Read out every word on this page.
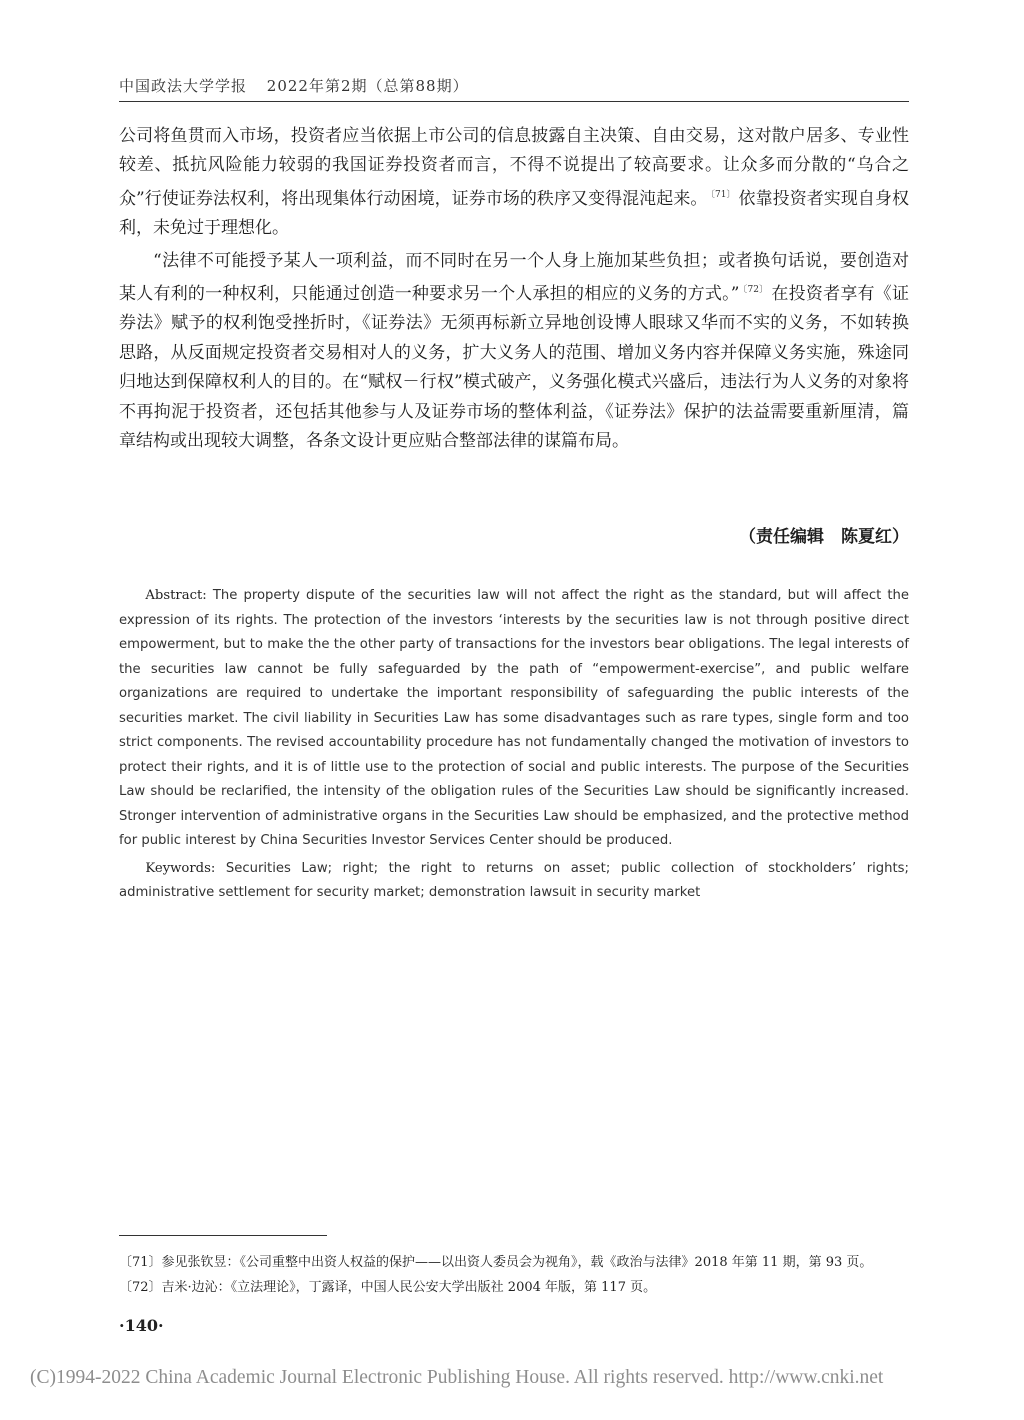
中国政法大学学报 2022年第2期（总第88期）

公司将鱼贯而入市场，投资者应当依据上市公司的信息披露自主决策、自由交易，这对散户居多、专业性较差、抵抗风险能力较弱的我国证券投资者而言，不得不说提出了较高要求。让众多而分散的“乌合之众”行使证券法权利，将出现集体行动困境，证券市场的秩序又变得混沌起来。 $^{〔71〕}$ 依靠投资者实现自身权利，未免过于理想化。

“法律不可能授予某人一项利益，而不同时在另一个人身上施加某些负担；或者换句话说，要创造对某人有利的一种权利，只能通过创造一种要求另一个人承担的相应的义务的方式。” $^{〔72〕}$ 在投资者享有《证券法》赋予的权利饱受挫折时，《证券法》无须再标新立异地创设博人眼球又华而不实的义务，不如转换思路，从反面规定投资者交易相对人的义务，扩大义务人的范围、增加义务内容并保障义务实施，殊途同归地达到保障权利人的目的。在“赋权－行权”模式破产，义务强化模式兴盛后，违法行为人义务的对象将不再拘泥于投资者，还包括其他参与人及证券市场的整体利益，《证券法》保护的法益需要重新厘清，篇章结构或出现较大调整，各条文设计更应贴合整部法律的谋篇布局。

（责任编辑　陈夏红）

Abstract: The property dispute of the securities law will not affect the right as the standard, but will affect the expression of its rights. The protection of the investors ‘interests by the securities law is not through positive direct empowerment, but to make the the other party of transactions for the investors bear obligations. The legal interests of the securities law cannot be fully safeguarded by the path of “empowerment-exercise”, and public welfare organizations are required to undertake the important responsibility of safeguarding the public interests of the securities market. The civil liability in Securities Law has some disadvantages such as rare types, single form and too strict components. The revised accountability procedure has not fundamentally changed the motivation of investors to protect their rights, and it is of little use to the protection of social and public interests. The purpose of the Securities Law should be reclarified, the intensity of the obligation rules of the Securities Law should be significantly increased. Stronger intervention of administrative organs in the Securities Law should be emphasized, and the protective method for public interest by China Securities Investor Services Center should be produced.

Keywords: Securities Law; right; the right to returns on asset; public collection of stockholders’ rights; administrative settlement for security market; demonstration lawsuit in security market

〔71〕参见张钦昱：《公司重整中出资人权益的保护——以出资人委员会为视角》，载《政治与法律》2018 年第 11 期，第 93 页。
〔72〕吉米·边沁：《立法理论》，丁露译，中国人民公安大学出版社 2004 年版，第 117 页。
·140·
(C)1994-2022 China Academic Journal Electronic Publishing House. All rights reserved. http://www.cnki.net
